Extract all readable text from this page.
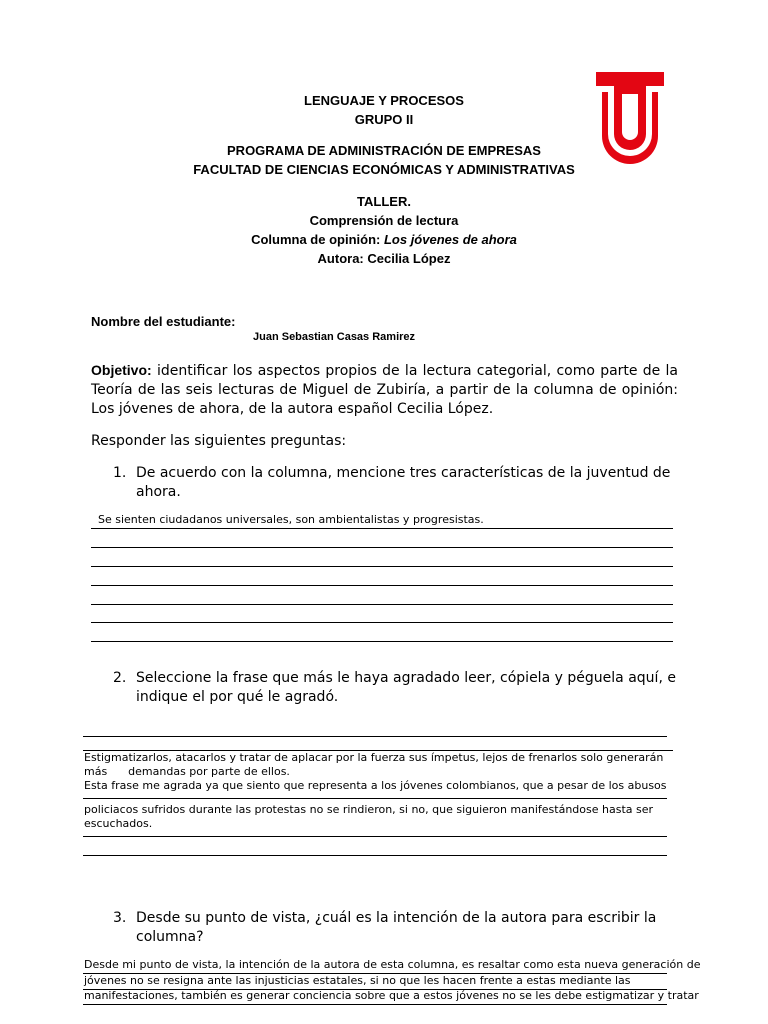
LENGUAJE Y PROCESOS
GRUPO II
PROGRAMA DE ADMINISTRACIÓN DE EMPRESAS
FACULTAD DE CIENCIAS ECONÓMICAS Y ADMINISTRATIVAS
TALLER.
Comprensión de lectura
Columna de opinión: Los jóvenes de ahora
Autora: Cecilia López
Nombre del estudiante:
Juan Sebastian Casas Ramirez
Objetivo: identificar los aspectos propios de la lectura categorial, como parte de la Teoría de las seis lecturas de Miguel de Zubiría, a partir de la columna de opinión: Los jóvenes de ahora, de la autora español Cecilia López.
Responder las siguientes preguntas:
1. De acuerdo con la columna, mencione tres características de la juventud de ahora.
Se sienten ciudadanos universales, son ambientalistas y progresistas.
2. Seleccione la frase que más le haya agradado leer, cópiela y péguela aquí, e indique el por qué le agradó.
Estigmatizarlos, atacarlos y tratar de aplacar por la fuerza sus ímpetus, lejos de frenarlos solo generarán
más      demandas por parte de ellos.
Esta frase me agrada ya que siento que representa a los jóvenes colombianos, que a pesar de los abusos
policiacos sufridos durante las protestas no se rindieron, si no, que siguieron manifestándose hasta ser
escuchados.
3. Desde su punto de vista, ¿cuál es la intención de la autora para escribir la columna?
Desde mi punto de vista, la intención de la autora de esta columna, es resaltar como esta nueva generación de
jóvenes no se resigna ante las injusticias estatales, si no que les hacen frente a estas mediante las
manifestaciones, también es generar conciencia sobre que a estos jóvenes no se les debe estigmatizar y tratar
